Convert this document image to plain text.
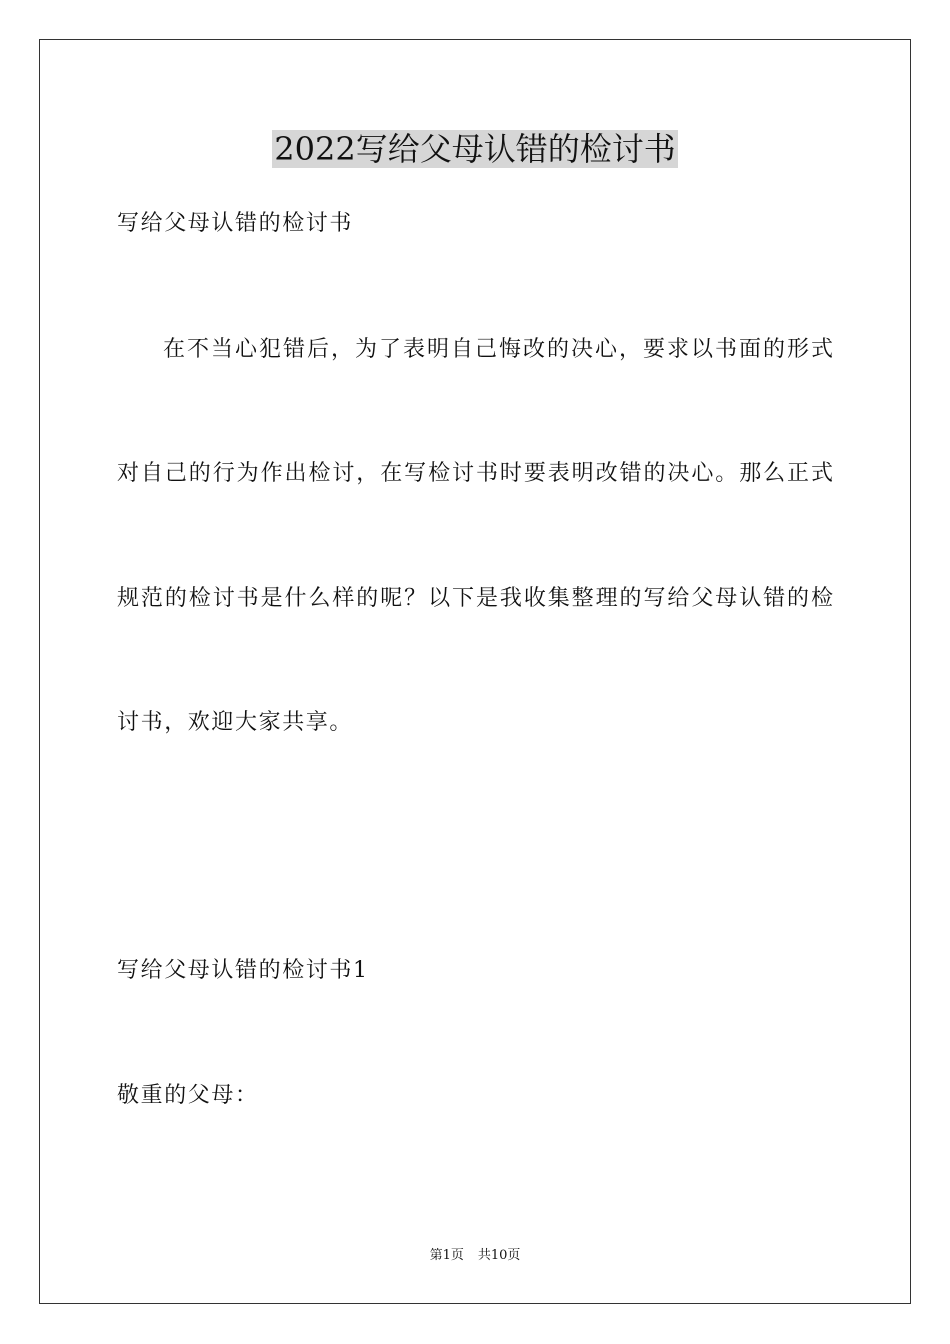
2022写给父母认错的检讨书
写给父母认错的检讨书
在不当心犯错后，为了表明自己悔改的决心，要求以书面的形式
对自己的行为作出检讨，在写检讨书时要表明改错的决心。那么正式
规范的检讨书是什么样的呢？以下是我收集整理的写给父母认错的检
讨书，欢迎大家共享。
写给父母认错的检讨书1
敬重的父母：
第1页 共10页
